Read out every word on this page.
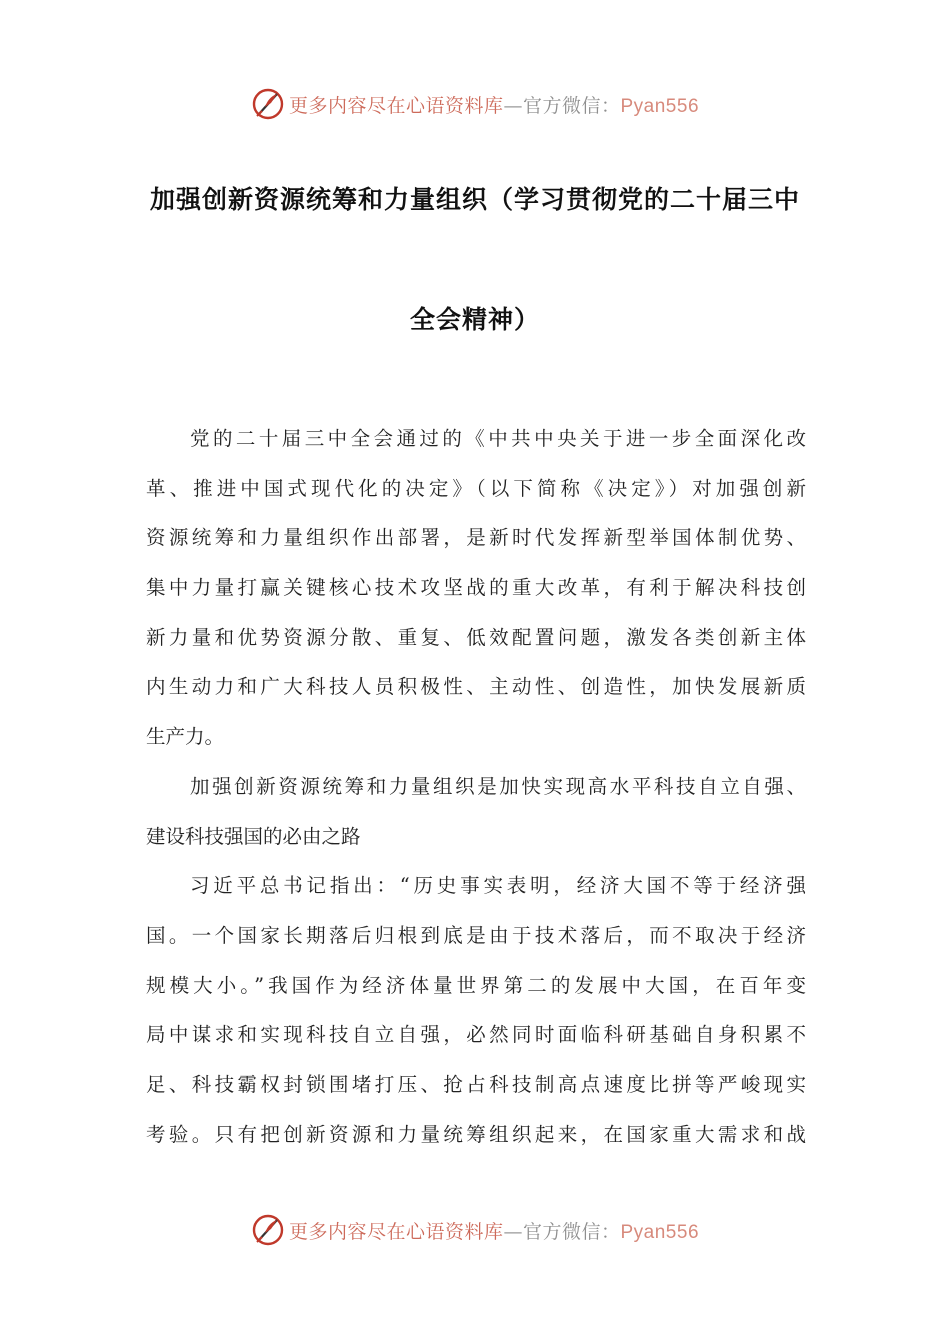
更多内容尽在心语资料库—官方微信：Pyan556
加强创新资源统筹和力量组织（学习贯彻党的二十届三中
全会精神）
党的二十届三中全会通过的《中共中央关于进一步全面深化改
革、推进中国式现代化的决定》（以下简称《决定》）对加强创新
资源统筹和力量组织作出部署，是新时代发挥新型举国体制优势、
集中力量打赢关键核心技术攻坚战的重大改革，有利于解决科技创
新力量和优势资源分散、重复、低效配置问题，激发各类创新主体
内生动力和广大科技人员积极性、主动性、创造性，加快发展新质
生产力。
加强创新资源统筹和力量组织是加快实现高水平科技自立自强、
建设科技强国的必由之路
习近平总书记指出：“历史事实表明，经济大国不等于经济强
国。一个国家长期落后归根到底是由于技术落后，而不取决于经济
规模大小。”我国作为经济体量世界第二的发展中大国，在百年变
局中谋求和实现科技自立自强，必然同时面临科研基础自身积累不
足、科技霸权封锁围堵打压、抢占科技制高点速度比拼等严峻现实
考验。只有把创新资源和力量统筹组织起来，在国家重大需求和战
更多内容尽在心语资料库—官方微信：Pyan556
